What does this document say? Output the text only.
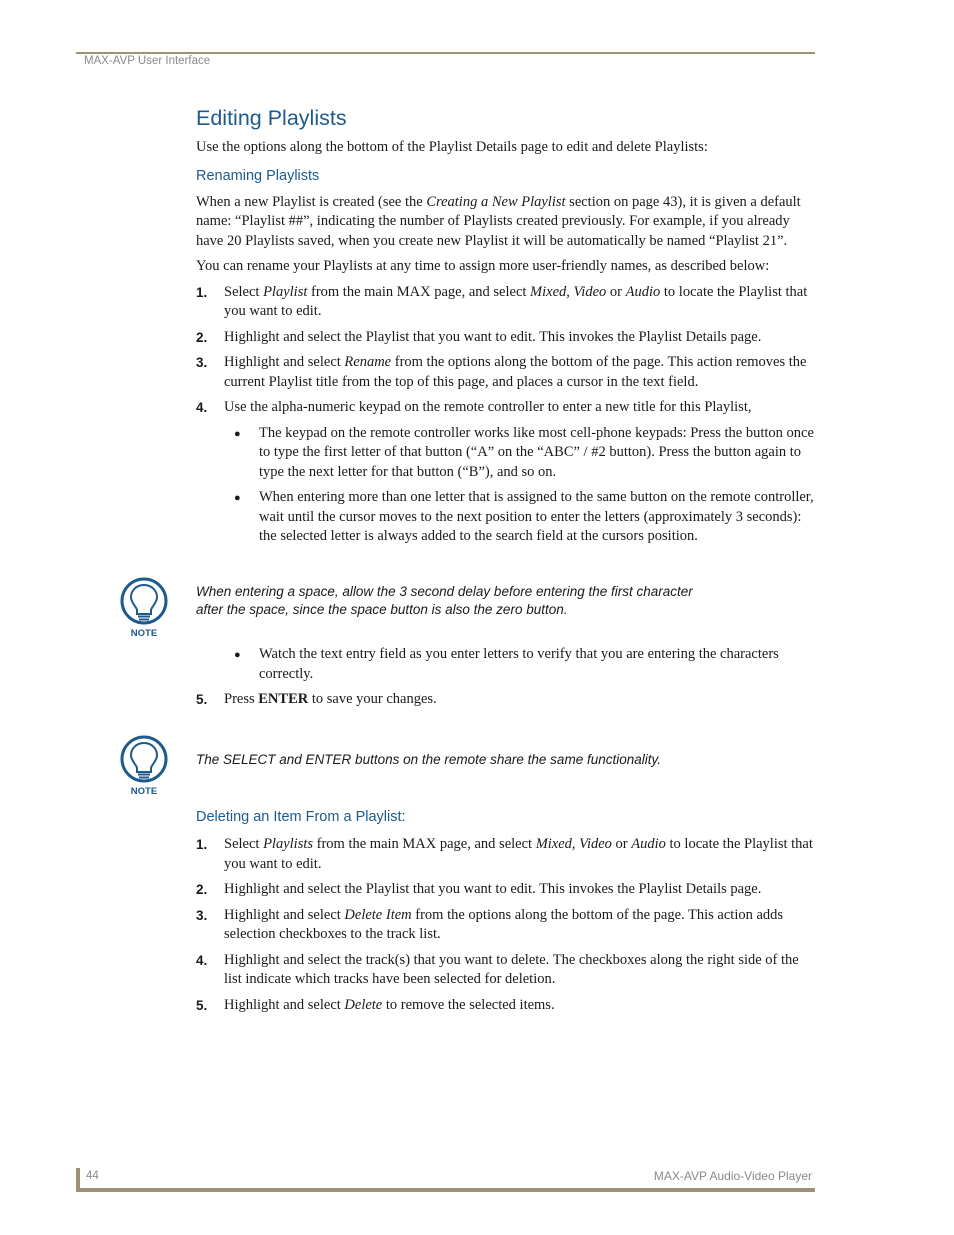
MAX-AVP User Interface
Editing Playlists

Use the options along the bottom of the Playlist Details page to edit and delete Playlists:

Renaming Playlists

When a new Playlist is created (see the Creating a New Playlist section on page 43), it is given a default name: “Playlist ##”, indicating the number of Playlists created previously. For example, if you already have 20 Playlists saved, when you create new Playlist it will be automatically be named “Playlist 21”.

You can rename your Playlists at any time to assign more user-friendly names, as described below:

1.	Select Playlist from the main MAX page, and select Mixed, Video or Audio to locate the Playlist that you want to edit.
2.	Highlight and select the Playlist that you want to edit. This invokes the Playlist Details page.
3.	Highlight and select Rename from the options along the bottom of the page. This action removes the current Playlist title from the top of this page, and places a cursor in the text field.
4.	Use the alpha-numeric keypad on the remote controller to enter a new title for this Playlist,
●	The keypad on the remote controller works like most cell-phone keypads: Press the button once to type the first letter of that button (“A” on the “ABC” / #2 button). Press the button again to type the next letter for that button (“B”), and so on.
●	When entering more than one letter that is assigned to the same button on the remote controller, wait until the cursor moves to the next position to enter the letters (approximately 3 seconds): the selected letter is always added to the search field at the cursors position.
NOTE
When entering a space, allow the 3 second delay before entering the first character
after the space, since the space button is also the zero button.
●	Watch the text entry field as you enter letters to verify that you are entering the characters correctly.
5.	Press ENTER to save your changes.
NOTE
The SELECT and ENTER buttons on the remote share the same functionality.
Deleting an Item From a Playlist:
1.	Select Playlists from the main MAX page, and select Mixed, Video or Audio to locate the Playlist that you want to edit.
2.	Highlight and select the Playlist that you want to edit. This invokes the Playlist Details page.
3.	Highlight and select Delete Item from the options along the bottom of the page. This action adds selection checkboxes to the track list.
4.	Highlight and select the track(s) that you want to delete. The checkboxes along the right side of the list indicate which tracks have been selected for deletion.
5.	Highlight and select Delete to remove the selected items.
44	MAX-AVP Audio-Video Player
